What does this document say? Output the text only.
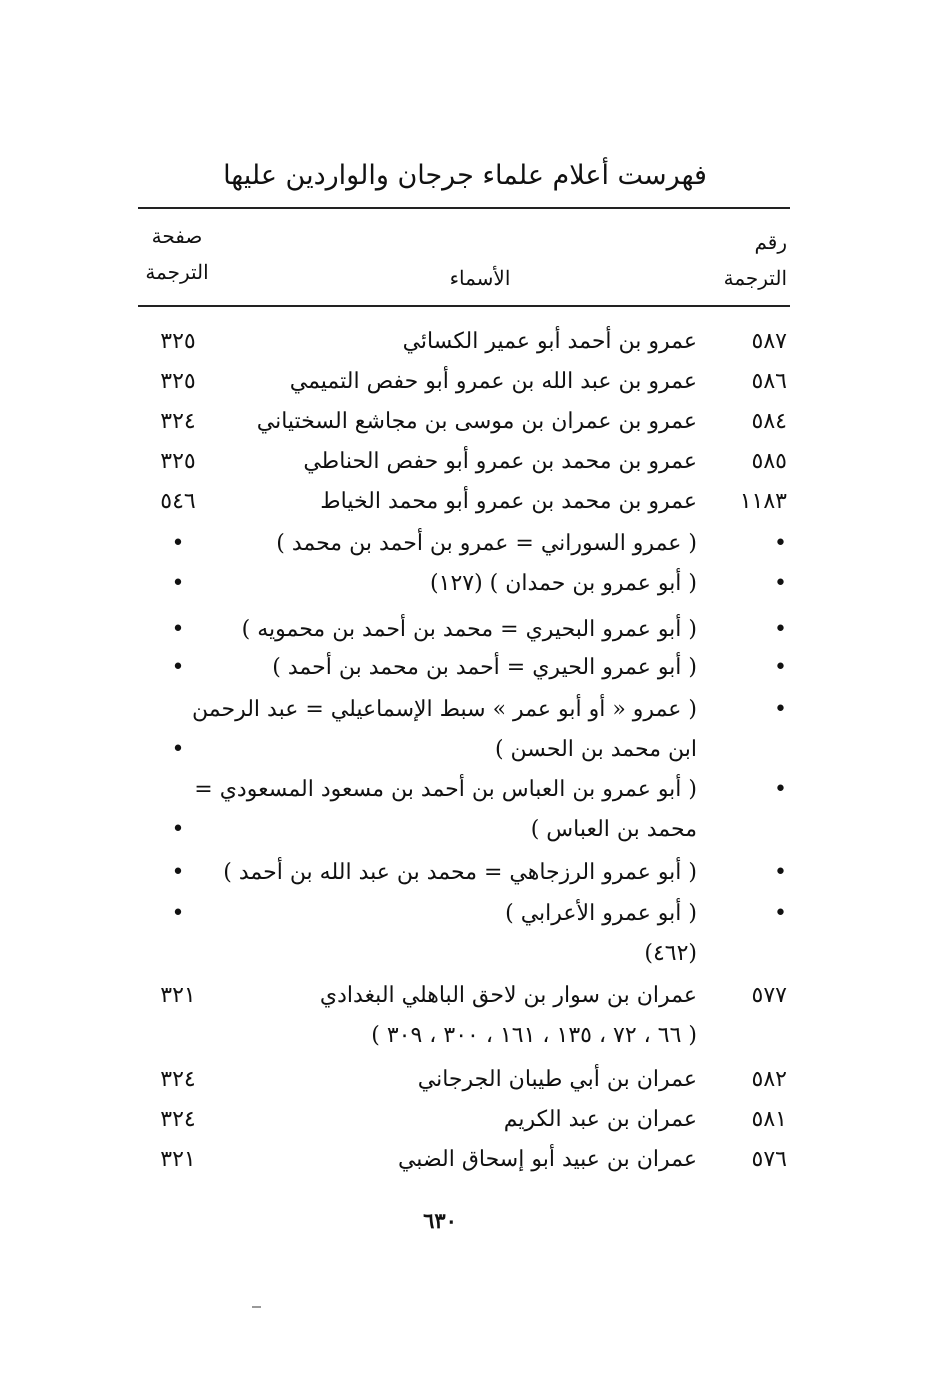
فهرست أعلام علماء جرجان والواردين عليها
رقم
الترجمة
الأسماء
صفحة
الترجمة
٥٨٧
عمرو بن أحمد أبو عمير الكسائي
٣٢٥
٥٨٦
عمرو بن عبد الله بن عمرو أبو حفص التميمي
٣٢٥
٥٨٤
عمرو بن عمران بن موسى بن مجاشع السختياني
٣٢٤
٥٨٥
عمرو بن محمد بن عمرو أبو حفص الحناطي
٣٢٥
١١٨٣
عمرو بن محمد بن عمرو أبو محمد الخياط
٥٤٦
•
( عمرو السوراني = عمرو بن أحمد بن محمد )
•
•
( أبو عمرو بن حمدان ) (١٢٧)
•
•
( أبو عمرو البحيري = محمد بن أحمد بن محمويه )
•
•
( أبو عمرو الحيري = أحمد بن محمد بن أحمد )
•
•
( عمرو « أو أبو عمر » سبط الإسماعيلي = عبد الرحمن
ابن محمد بن الحسن )
•
•
( أبو عمرو بن العباس بن أحمد بن مسعود المسعودي =
محمد بن العباس )
•
•
( أبو عمرو الرزجاهي = محمد بن عبد الله بن أحمد )
•
•
( أبو عمرو الأعرابي )
•
(٤٦٢)
٥٧٧
عمران بن سوار بن لاحق الباهلي البغدادي
٣٢١
( ٦٦ ، ٧٢ ، ١٣٥ ، ١٦١ ، ٣٠٠ ، ٣٠٩ )
٥٨٢
عمران بن أبي طيبان الجرجاني
٣٢٤
٥٨١
عمران بن عبد الكريم
٣٢٤
٥٧٦
عمران بن عبيد أبو إسحاق الضبي
٣٢١
٦٣٠
